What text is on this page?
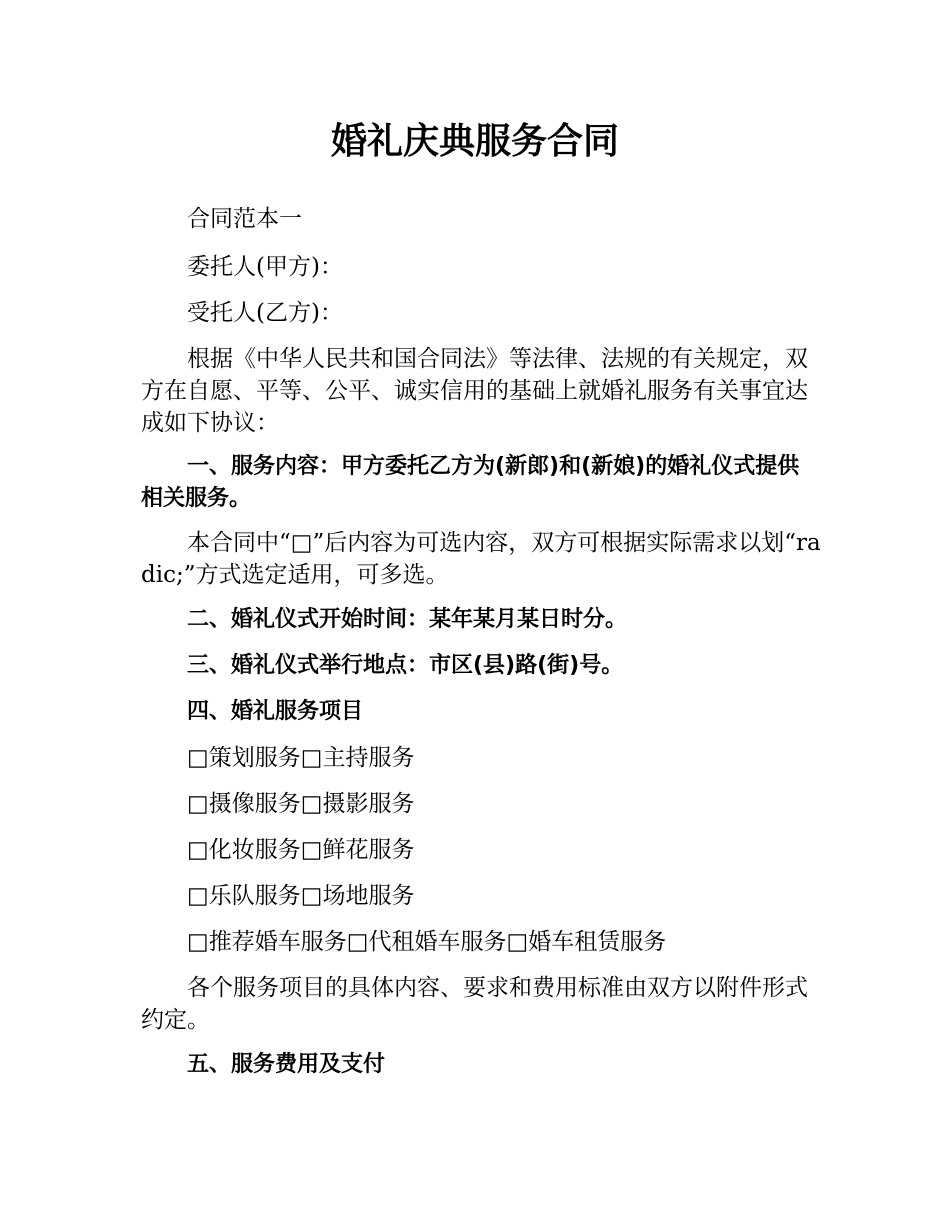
婚礼庆典服务合同

合同范本一

委托人(甲方)：

受托人(乙方)：

根据《中华人民共和国合同法》等法律、法规的有关规定，双方在自愿、平等、公平、诚实信用的基础上就婚礼服务有关事宜达成如下协议：

一、服务内容：甲方委托乙方为(新郎)和(新娘)的婚礼仪式提供相关服务。

本合同中“□”后内容为可选内容，双方可根据实际需求以划“radic;”方式选定适用，可多选。

二、婚礼仪式开始时间：某年某月某日时分。

三、婚礼仪式举行地点：市区(县)路(街)号。

四、婚礼服务项目

□策划服务□主持服务

□摄像服务□摄影服务

□化妆服务□鲜花服务

□乐队服务□场地服务

□推荐婚车服务□代租婚车服务□婚车租赁服务

各个服务项目的具体内容、要求和费用标准由双方以附件形式约定。

五、服务费用及支付
